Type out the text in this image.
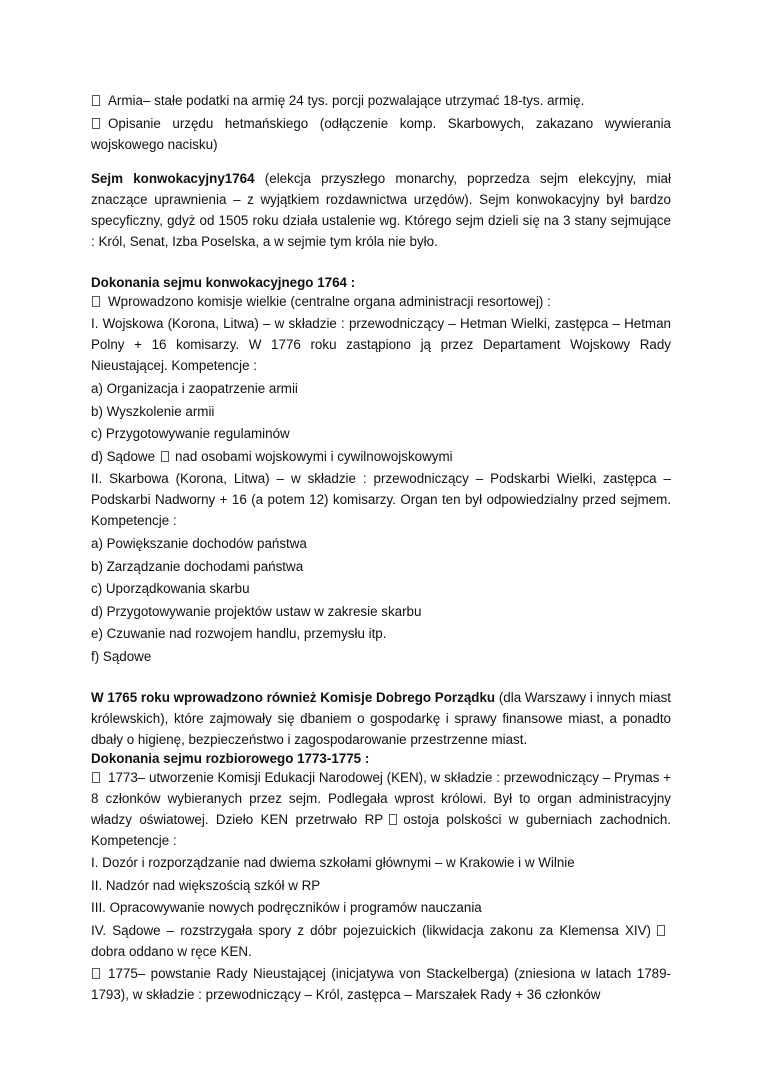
Armia– stałe podatki na armię 24 tys. porcji pozwalające utrzymać 18-tys. armię.

Opisanie urzędu hetmańskiego (odłączenie komp. Skarbowych, zakazano wywierania wojskowego nacisku)

Sejm konwokacyjny1764 (elekcja przyszłego monarchy, poprzedza sejm elekcyjny, miał znaczące uprawnienia – z wyjątkiem rozdawnictwa urzędów). Sejm konwokacyjny był bardzo specyficzny, gdyż od 1505 roku działa ustalenie wg. Którego sejm dzieli się na 3 stany sejmujące : Król, Senat, Izba Poselska, a w sejmie tym króla nie było.

Dokonania sejmu konwokacyjnego 1764 :

Wprowadzono komisje wielkie (centralne organa administracji resortowej) :

I. Wojskowa (Korona, Litwa) – w składzie : przewodniczący – Hetman Wielki, zastępca – Hetman Polny + 16 komisarzy. W 1776 roku zastąpiono ją przez Departament Wojskowy Rady Nieustającej. Kompetencje :

a) Organizacja i zaopatrzenie armii

b) Wyszkolenie armii

c) Przygotowywanie regulaminów

d) Sądowe nad osobami wojskowymi i cywilnowojskowymi

II. Skarbowa (Korona, Litwa) – w składzie : przewodniczący – Podskarbi Wielki, zastępca – Podskarbi Nadworny + 16 (a potem 12) komisarzy. Organ ten był odpowiedzialny przed sejmem. Kompetencje :

a) Powiększanie dochodów państwa

b) Zarządzanie dochodami państwa

c) Uporządkowania skarbu

d) Przygotowywanie projektów ustaw w zakresie skarbu

e) Czuwanie nad rozwojem handlu, przemysłu itp.

f) Sądowe

W 1765 roku wprowadzono również Komisje Dobrego Porządku (dla Warszawy i innych miast królewskich), które zajmowały się dbaniem o gospodarkę i sprawy finansowe miast, a ponadto dbały o higienę, bezpieczeństwo i zagospodarowanie przestrzenne miast.

Dokonania sejmu rozbiorowego 1773-1775 :

1773– utworzenie Komisji Edukacji Narodowej (KEN), w składzie : przewodniczący – Prymas + 8 członków wybieranych przez sejm. Podlegała wprost królowi. Był to organ administracyjny władzy oświatowej. Dzieło KEN przetrwało RP ostoja polskości w guberniach zachodnich. Kompetencje :

I. Dozór i rozporządzanie nad dwiema szkołami głównymi – w Krakowie i w Wilnie

II. Nadzór nad większością szkół w RP

III. Opracowywanie nowych podręczników i programów nauczania

IV. Sądowe – rozstrzygała spory z dóbr pojezuickich (likwidacja zakonu za Klemensa XIV)dobra oddano w ręce KEN.

1775– powstanie Rady Nieustającej (inicjatywa von Stackelberga) (zniesiona w latach 1789-1793), w składzie : przewodniczący – Król, zastępca – Marszałek Rady + 36 członków
